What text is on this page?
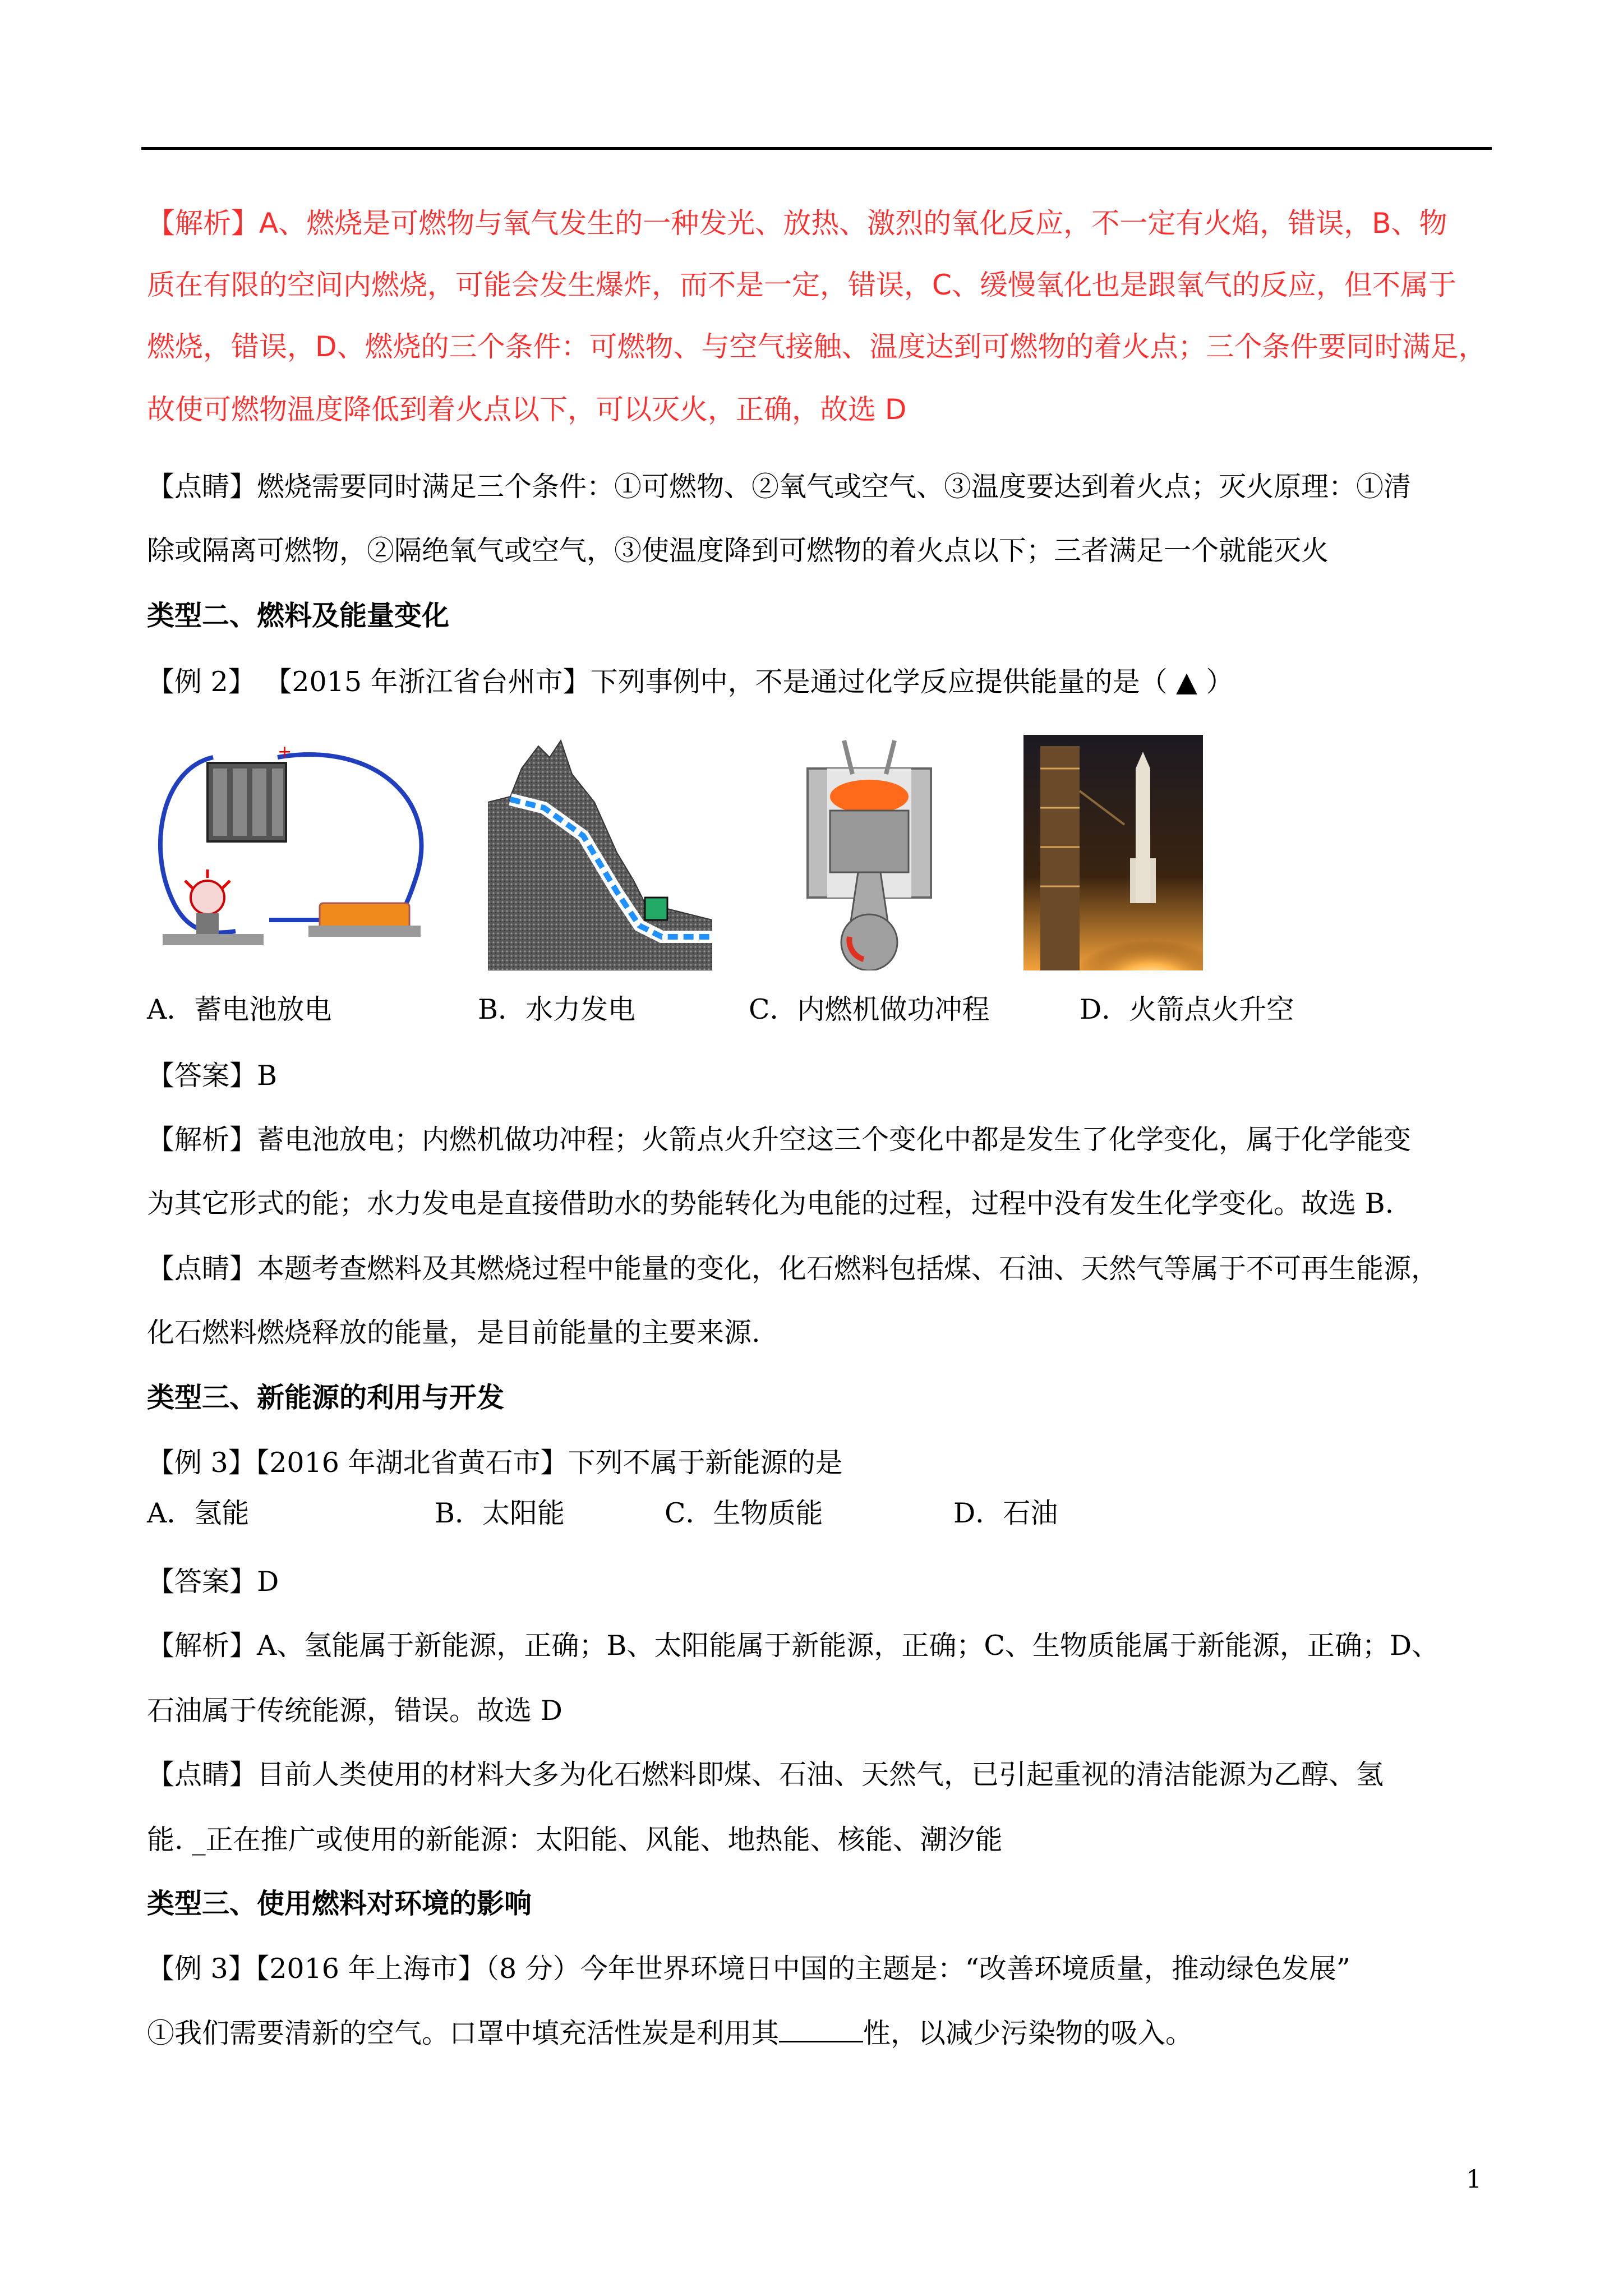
【解析】A、燃烧是可燃物与氧气发生的一种发光、放热、激烈的氧化反应，不一定有火焰，错误，B、物
质在有限的空间内燃烧，可能会发生爆炸，而不是一定，错误，C、缓慢氧化也是跟氧气的反应，但不属于
燃烧，错误，D、燃烧的三个条件：可燃物、与空气接触、温度达到可燃物的着火点；三个条件要同时满足，
故使可燃物温度降低到着火点以下，可以灭火，正确，故选 D
【点睛】燃烧需要同时满足三个条件：①可燃物、②氧气或空气、③温度要达到着火点；灭火原理：①清
除或隔离可燃物，②隔绝氧气或空气，③使温度降到可燃物的着火点以下；三者满足一个就能灭火
类型二、燃料及能量变化
【例 2】 【2015 年浙江省台州市】下列事例中，不是通过化学反应提供能量的是（ ▲ ）
+
A．蓄电池放电	B．水力发电	C．内燃机做功冲程	D．火箭点火升空
【答案】B
【解析】蓄电池放电；内燃机做功冲程；火箭点火升空这三个变化中都是发生了化学变化，属于化学能变
为其它形式的能；水力发电是直接借助水的势能转化为电能的过程，过程中没有发生化学变化。故选 B.
【点睛】本题考查燃料及其燃烧过程中能量的变化，化石燃料包括煤、石油、天然气等属于不可再生能源，
化石燃料燃烧释放的能量，是目前能量的主要来源.
类型三、新能源的利用与开发
【例 3】【2016 年湖北省黄石市】下列不属于新能源的是
A．氢能	B．太阳能	C．生物质能	D．石油
【答案】D
【解析】A、氢能属于新能源，正确；B、太阳能属于新能源，正确；C、生物质能属于新能源，正确；D、
石油属于传统能源，错误。故选 D
【点睛】目前人类使用的材料大多为化石燃料即煤、石油、天然气，已引起重视的清洁能源为乙醇、氢
能. _正在推广或使用的新能源：太阳能、风能、地热能、核能、潮汐能
类型三、使用燃料对环境的影响
【例 3】【2016 年上海市】（8 分）今年世界环境日中国的主题是：“改善环境质量，推动绿色发展”
①我们需要清新的空气。口罩中填充活性炭是利用其	性，以减少污染物的吸入。
1
